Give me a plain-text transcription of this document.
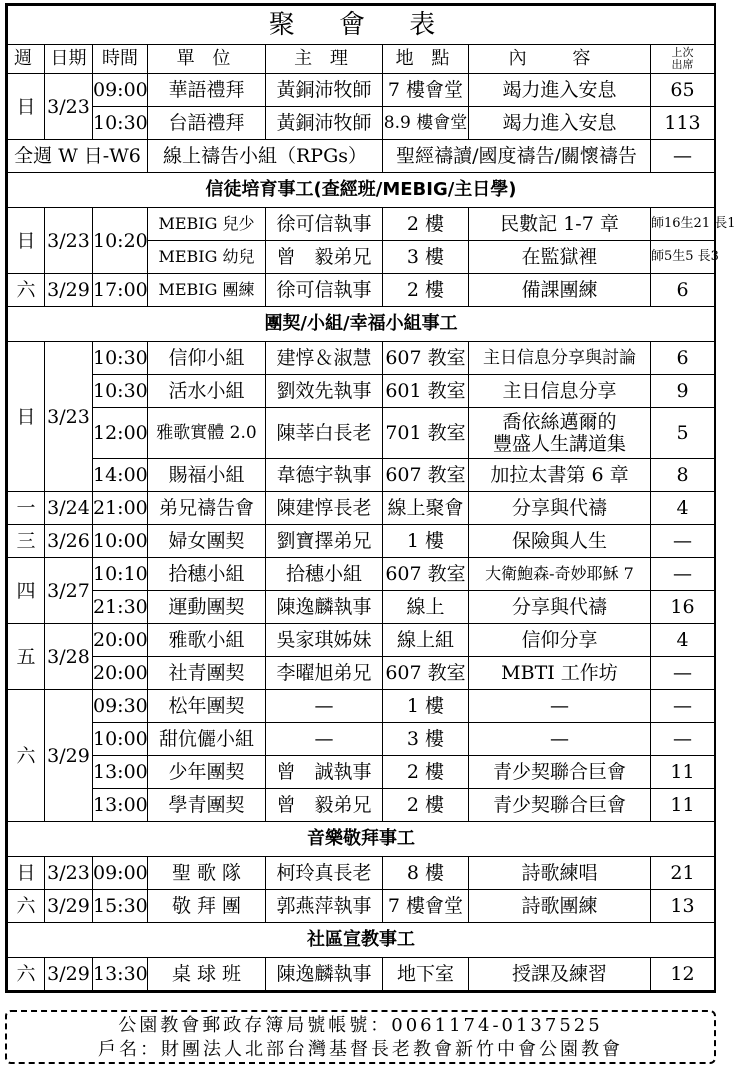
聚 會 表							
週	日期	時間	單 位	主 理	地 點	內 容	上次
出席
日	3/23	09:00	華語禮拜	黃銅沛牧師	7 樓會堂	竭力進入安息	65
		10:30	台語禮拜	黃銅沛牧師	8.9 樓會堂	竭力進入安息	113
全週 W 日-W6			線上禱告小組（RPGs）		聖經禱讀/國度禱告/關懷禱告		—
信徒培育事工(查經班/MEBIG/主日學)							
日	3/23	10:20	MEBIG 兒少	徐可信執事	2 樓	民數記 1-7 章	師16生21 長1
			MEBIG 幼兒	曾　毅弟兄	3 樓	在監獄裡	師5生5 長3
六	3/29	17:00	MEBIG 團練	徐可信執事	2 樓	備課團練	6
團契/小組/幸福小組事工							
日	3/23	10:30	信仰小組	建惇＆淑慧	607 教室	主日信息分享與討論	6
		10:30	活水小組	劉效先執事	601 教室	主日信息分享	9
		12:00	雅歌實體 2.0	陳莘白長老	701 教室	喬依絲邁爾的
豐盛人生講道集	5
		14:00	賜福小組	韋德宇執事	607 教室	加拉太書第 6 章	8
一	3/24	21:00	弟兄禱告會	陳建惇長老	線上聚會	分享與代禱	4
三	3/26	10:00	婦女團契	劉寶擇弟兄	1 樓	保險與人生	—
四	3/27	10:10	拾穗小組	拾穗小組	607 教室	大衛鮑森-奇妙耶穌 7	—
		21:30	運動團契	陳逸麟執事	線上	分享與代禱	16
五	3/28	20:00	雅歌小組	吳家琪姊妹	線上組	信仰分享	4
		20:00	社青團契	李曜旭弟兄	607 教室	MBTI 工作坊	—
六	3/29	09:30	松年團契	—	1 樓	—	—
		10:00	甜伉儷小組	—	3 樓	—	—
		13:00	少年團契	曾　誠執事	2 樓	青少契聯合巨會	11
		13:00	學青團契	曾　毅弟兄	2 樓	青少契聯合巨會	11
音樂敬拜事工							
日	3/23	09:00	聖 歌 隊	柯玲真長老	8 樓	詩歌練唱	21
六	3/29	15:30	敬 拜 團	郭燕萍執事	7 樓會堂	詩歌團練	13
社區宣教事工							
六	3/29	13:30	桌 球 班	陳逸麟執事	地下室	授課及練習	12
公園教會郵政存簿局號帳號：0061174-0137525
戶名：財團法人北部台灣基督長老教會新竹中會公園教會
